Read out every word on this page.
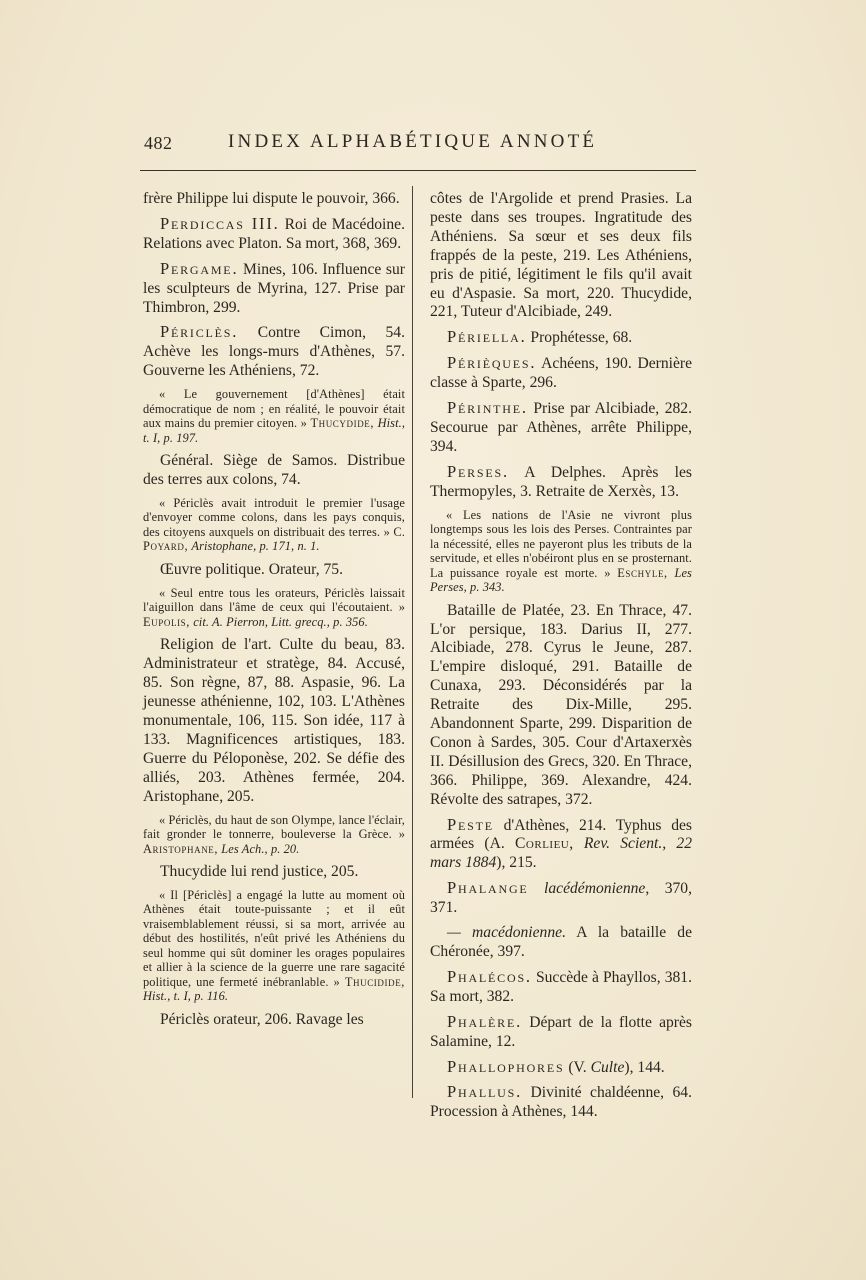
482	INDEX ALPHABÉTIQUE ANNOTÉ

frère Philippe lui dispute le pouvoir, 366.

Perdiccas III. Roi de Macédoine. Relations avec Platon. Sa mort, 368, 369.

Pergame. Mines, 106. Influence sur les sculpteurs de Myrina, 127. Prise par Thimbron, 299.

Périclès. Contre Cimon, 54. Achève les longs-murs d'Athènes, 57. Gouverne les Athéniens, 72.

« Le gouvernement [d'Athènes] était démocratique de nom ; en réalité, le pouvoir était aux mains du premier citoyen. » Thucydide, Hist., t. I, p. 197.

Général. Siège de Samos. Distribue des terres aux colons, 74.

« Périclès avait introduit le premier l'usage d'envoyer comme colons, dans les pays conquis, des citoyens auxquels on distribuait des terres. » C. Poyard, Aristophane, p. 171, n. 1.

Œuvre politique. Orateur, 75.

« Seul entre tous les orateurs, Périclès laissait l'aiguillon dans l'âme de ceux qui l'écoutaient. » Eupolis, cit. A. Pierron, Litt. grecq., p. 356.

Religion de l'art. Culte du beau, 83. Administrateur et stratège, 84. Accusé, 85. Son règne, 87, 88. Aspasie, 96. La jeunesse athénienne, 102, 103. L'Athènes monumentale, 106, 115. Son idée, 117 à 133. Magnificences artistiques, 183. Guerre du Péloponèse, 202. Se défie des alliés, 203. Athènes fermée, 204. Aristophane, 205.

« Périclès, du haut de son Olympe, lance l'éclair, fait gronder le tonnerre, bouleverse la Grèce. » Aristophane, Les Ach., p. 20.

Thucydide lui rend justice, 205.

« Il [Périclès] a engagé la lutte au moment où Athènes était toute-puissante ; et il eût vraisemblablement réussi, si sa mort, arrivée au début des hostilités, n'eût privé les Athéniens du seul homme qui sût dominer les orages populaires et allier à la science de la guerre une rare sagacité politique, une fermeté inébranlable. » Thucidide, Hist., t. I, p. 116.

Périclès orateur, 206. Ravage les

côtes de l'Argolide et prend Prasies. La peste dans ses troupes. Ingratitude des Athéniens. Sa sœur et ses deux fils frappés de la peste, 219. Les Athéniens, pris de pitié, légitiment le fils qu'il avait eu d'Aspasie. Sa mort, 220. Thucydide, 221, Tuteur d'Alcibiade, 249.

Périella. Prophétesse, 68.

Périèques. Achéens, 190. Dernière classe à Sparte, 296.

Périnthe. Prise par Alcibiade, 282. Secourue par Athènes, arrête Philippe, 394.

Perses. A Delphes. Après les Thermopyles, 3. Retraite de Xerxès, 13.

« Les nations de l'Asie ne vivront plus longtemps sous les lois des Perses. Contraintes par la nécessité, elles ne payeront plus les tributs de la servitude, et elles n'obéiront plus en se prosternant. La puissance royale est morte. » Eschyle, Les Perses, p. 343.

Bataille de Platée, 23. En Thrace, 47. L'or persique, 183. Darius II, 277. Alcibiade, 278. Cyrus le Jeune, 287. L'empire disloqué, 291. Bataille de Cunaxa, 293. Déconsidérés par la Retraite des Dix-Mille, 295. Abandonnent Sparte, 299. Disparition de Conon à Sardes, 305. Cour d'Artaxerxès II. Désillusion des Grecs, 320. En Thrace, 366. Philippe, 369. Alexandre, 424. Révolte des satrapes, 372.

Peste d'Athènes, 214. Typhus des armées (A. Corlieu, Rev. Scient., 22 mars 1884), 215.

Phalange lacédémonienne, 370, 371.

— macédonienne. A la bataille de Chéronée, 397.

Phalécos. Succède à Phayllos, 381. Sa mort, 382.

Phalère. Départ de la flotte après Salamine, 12.

Phallophores (V. Culte), 144.

Phallus. Divinité chaldéenne, 64. Procession à Athènes, 144.
